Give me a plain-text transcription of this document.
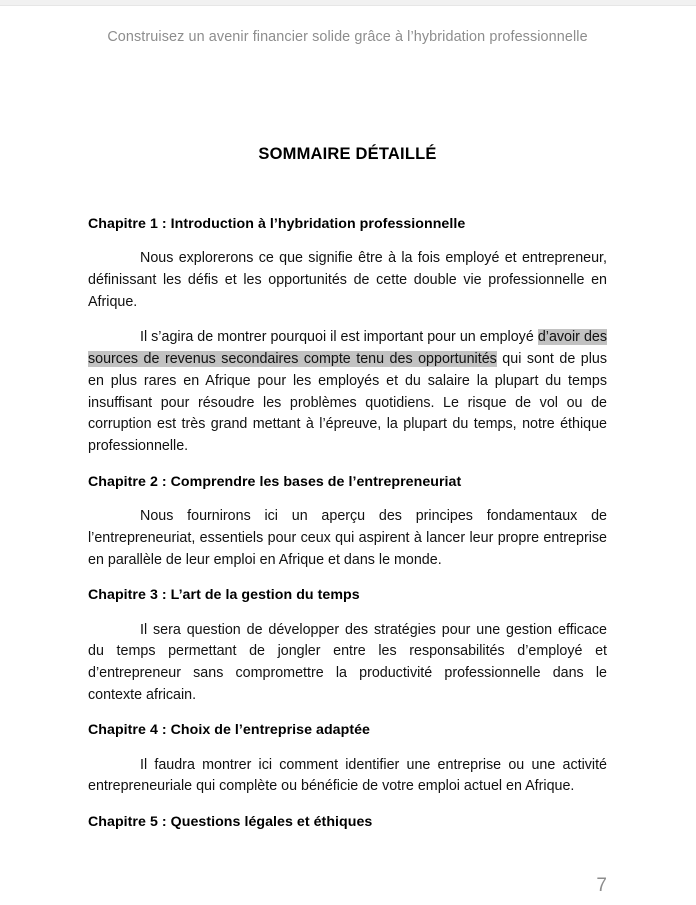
Construisez un avenir financier solide grâce à l’hybridation professionnelle
SOMMAIRE DÉTAILLÉ
Chapitre 1 : Introduction à l’hybridation professionnelle

Nous explorerons ce que signifie être à la fois employé et entrepreneur, définissant les défis et les opportunités de cette double vie professionnelle en Afrique.

Il s’agira de montrer pourquoi il est important pour un employé d’avoir des sources de revenus secondaires compte tenu des opportunités qui sont de plus en plus rares en Afrique pour les employés et du salaire la plupart du temps insuffisant pour résoudre les problèmes quotidiens. Le risque de vol ou de corruption est très grand mettant à l’épreuve, la plupart du temps, notre éthique professionnelle.

Chapitre 2 : Comprendre les bases de l’entrepreneuriat

Nous fournirons ici un aperçu des principes fondamentaux de l’entrepreneuriat, essentiels pour ceux qui aspirent à lancer leur propre entreprise en parallèle de leur emploi en Afrique et dans le monde.

Chapitre 3 : L’art de la gestion du temps

Il sera question de développer des stratégies pour une gestion efficace du temps permettant de jongler entre les responsabilités d’employé et d’entrepreneur sans compromettre la productivité professionnelle dans le contexte africain.

Chapitre 4 : Choix de l’entreprise adaptée

Il faudra montrer ici comment identifier une entreprise ou une activité entrepreneuriale qui complète ou bénéficie de votre emploi actuel en Afrique.

Chapitre 5 : Questions légales et éthiques
7
